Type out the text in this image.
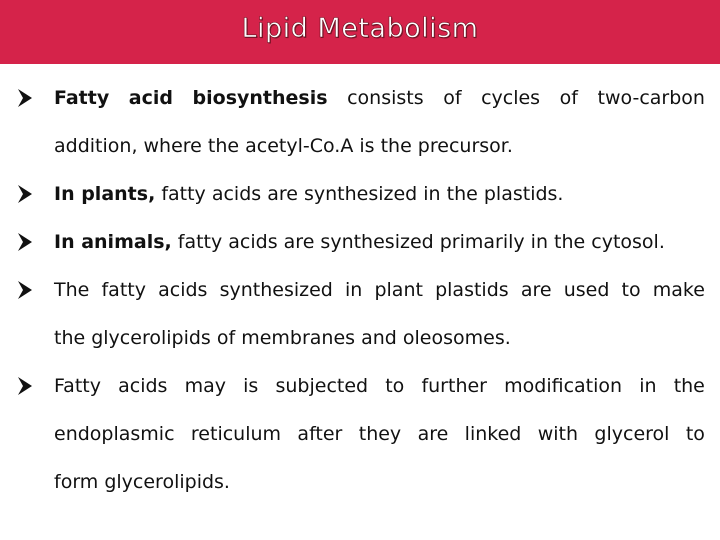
Lipid Metabolism
Fatty acid biosynthesis consists of cycles of two-carbon
addition, where the acetyl-Co.A is the precursor.
In plants, fatty acids are synthesized in the plastids.
In animals, fatty acids are synthesized primarily in the cytosol.
The fatty acids synthesized in plant plastids are used to make
the glycerolipids of membranes and oleosomes.
Fatty acids may is subjected to further modification in the
endoplasmic reticulum after they are linked with glycerol to
form glycerolipids.
